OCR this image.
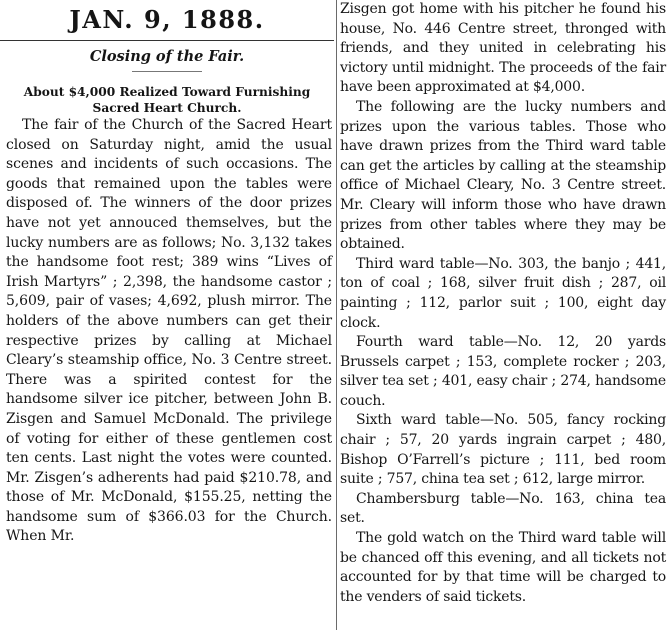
JAN. 9, 1888.
Closing of the Fair.
About $4,000 Realized Toward Furnishing Sacred Heart Church.

The fair of the Church of the Sacred Heart closed on Saturday night, amid the usual scenes and incidents of such occasions. The goods that remained upon the tables were disposed of. The winners of the door prizes have not yet annouced themselves, but the lucky numbers are as follows; No. 3,132 takes the handsome foot rest; 389 wins “Lives of Irish Martyrs” ; 2,398, the handsome castor ; 5,609, pair of vases; 4,692, plush mirror. The holders of the above numbers can get their respective prizes by calling at Michael Cleary’s steamship office, No. 3 Centre street. There was a spirited contest for the handsome silver ice pitcher, between John B. Zisgen and Samuel McDonald. The privilege of voting for either of these gentlemen cost ten cents. Last night the votes were counted. Mr. Zisgen’s adherents had paid $210.78, and those of Mr. McDonald, $155.25, netting the handsome sum of $366.03 for the Church. When Mr.

Zisgen got home with his pitcher he found his house, No. 446 Centre street, thronged with friends, and they united in celebrating his victory until midnight. The proceeds of the fair have been approximated at $4,000.

The following are the lucky numbers and prizes upon the various tables. Those who have drawn prizes from the Third ward table can get the articles by calling at the steamship office of Michael Cleary, No. 3 Centre street. Mr. Cleary will inform those who have drawn prizes from other tables where they may be obtained.

Third ward table—No. 303, the banjo ; 441, ton of coal ; 168, silver fruit dish ; 287, oil painting ; 112, parlor suit ; 100, eight day clock.

Fourth ward table—No. 12, 20 yards Brussels carpet ; 153, complete rocker ; 203, silver tea set ; 401, easy chair ; 274, handsome couch.

Sixth ward table—No. 505, fancy rocking chair ; 57, 20 yards ingrain carpet ; 480, Bishop O’Farrell’s picture ; 111, bed room suite ; 757, china tea set ; 612, large mirror.

Chambersburg table—No. 163, china tea set.

The gold watch on the Third ward table will be chanced off this evening, and all tickets not accounted for by that time will be charged to the venders of said tickets.
